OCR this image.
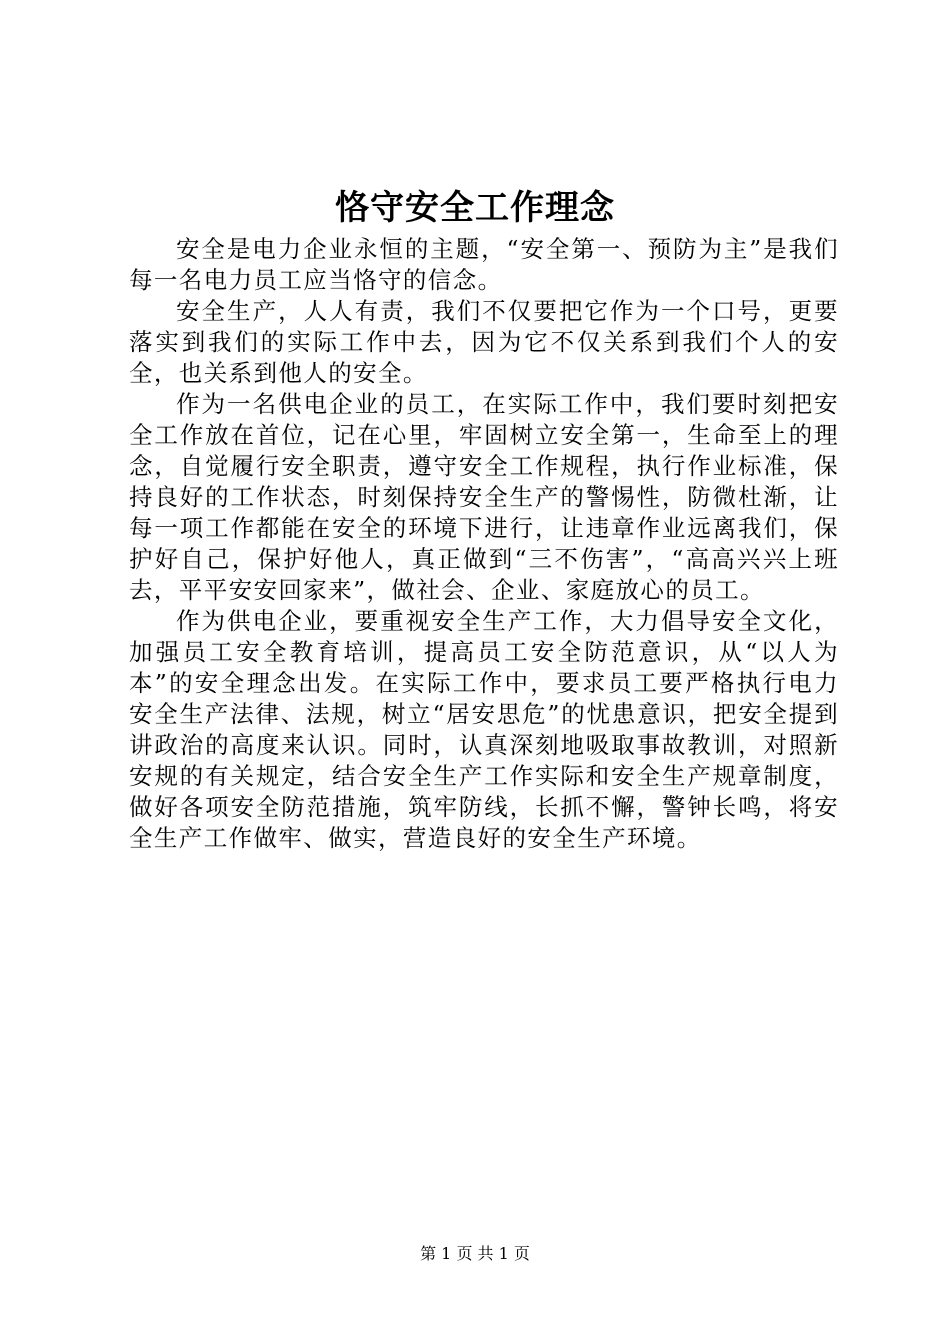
恪守安全工作理念

安全是电力企业永恒的主题，“安全第一、预防为主”是我们每一名电力员工应当恪守的信念。

安全生产，人人有责，我们不仅要把它作为一个口号，更要落实到我们的实际工作中去，因为它不仅关系到我们个人的安全，也关系到他人的安全。

作为一名供电企业的员工，在实际工作中，我们要时刻把安全工作放在首位，记在心里，牢固树立安全第一，生命至上的理念，自觉履行安全职责，遵守安全工作规程，执行作业标准，保持良好的工作状态，时刻保持安全生产的警惕性，防微杜渐，让每一项工作都能在安全的环境下进行，让违章作业远离我们，保护好自己，保护好他人，真正做到“三不伤害”，“高高兴兴上班去，平平安安回家来”，做社会、企业、家庭放心的员工。

作为供电企业，要重视安全生产工作，大力倡导安全文化，加强员工安全教育培训，提高员工安全防范意识，从“以人为本”的安全理念出发。在实际工作中，要求员工要严格执行电力安全生产法律、法规，树立“居安思危”的忧患意识，把安全提到讲政治的高度来认识。同时，认真深刻地吸取事故教训，对照新安规的有关规定，结合安全生产工作实际和安全生产规章制度，做好各项安全防范措施，筑牢防线，长抓不懈，警钟长鸣，将安全生产工作做牢、做实，营造良好的安全生产环境。

第 1 页 共 1 页
